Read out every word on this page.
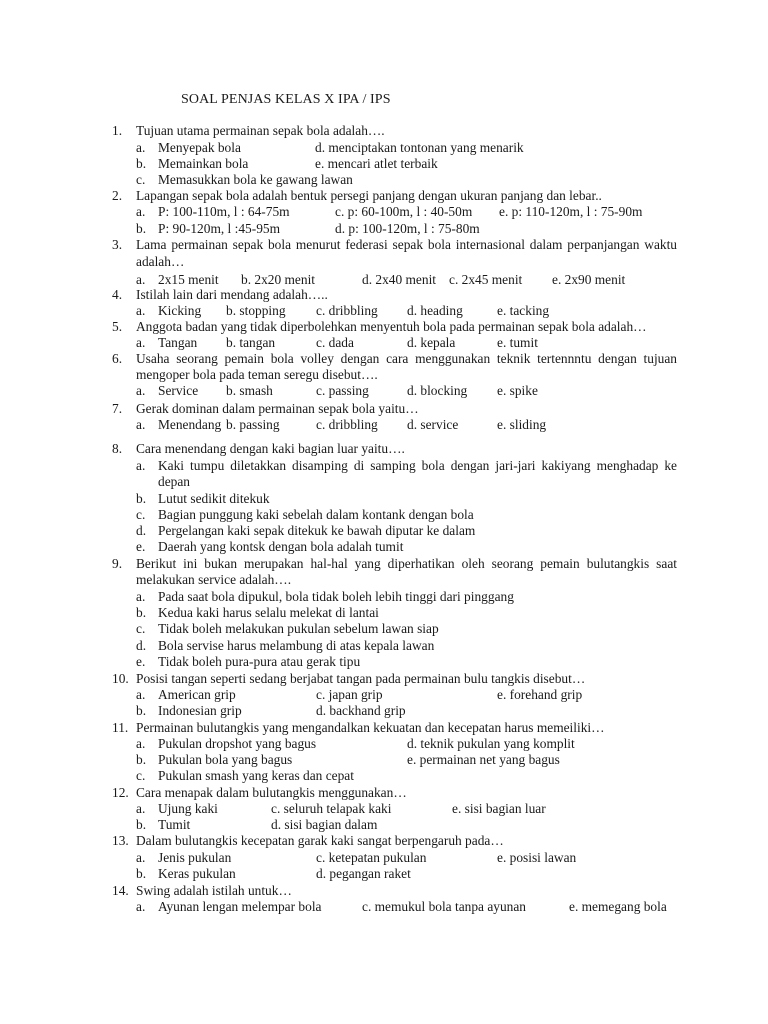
SOAL PENJAS KELAS X IPA / IPS
1. Tujuan utama permainan sepak bola adalah….
a. Menyepak bola	d. menciptakan tontonan yang menarik
b. Memainkan bola	e. mencari atlet terbaik
c. Memasukkan bola ke gawang lawan
2. Lapangan sepak bola adalah bentuk persegi panjang dengan ukuran panjang dan lebar..
a. P: 100-110m, l : 64-75m	c. p: 60-100m, l : 40-50m e. p: 110-120m, l : 75-90m
b. P: 90-120m, l :45-95m	d. p: 100-120m, l : 75-80m
3. Lama permainan sepak bola menurut federasi sepak bola internasional dalam perpanjangan waktu
adalah…
a. 2x15 menit b. 2x20 menit	d. 2x40 menit c. 2x45 menit e. 2x90 menit
4. Istilah lain dari mendang adalah…..
a. Kicking b. stopping c. dribbling d. heading	e. tacking
5. Anggota badan yang tidak diperbolehkan menyentuh bola pada permainan sepak bola adalah…
a. Tangan b. tangan	c. dada	d. kepala	e. tumit
6. Usaha seorang pemain bola volley dengan cara menggunakan teknik tertennntu dengan tujuan
mengoper bola pada teman seregu disebut….
a. Service b. smash	c. passing	d. blocking e. spike
7. Gerak dominan dalam permainan sepak bola yaitu…
a. Menendang b. passing	c. dribbling d. service	e. sliding
8. Cara menendang dengan kaki bagian luar yaitu….
a. Kaki tumpu diletakkan disamping di samping bola dengan jari-jari kakiyang menghadap ke
depan
b. Lutut sedikit ditekuk
c. Bagian punggung kaki sebelah dalam kontank dengan bola
d. Pergelangan kaki sepak ditekuk ke bawah diputar ke dalam
e. Daerah yang kontsk dengan bola adalah tumit
9. Berikut ini bukan merupakan hal-hal yang diperhatikan oleh seorang pemain bulutangkis saat
melakukan service adalah….
a. Pada saat bola dipukul, bola tidak boleh lebih tinggi dari pinggang
b. Kedua kaki harus selalu melekat di lantai
c. Tidak boleh melakukan pukulan sebelum lawan siap
d. Bola servise harus melambung di atas kepala lawan
e. Tidak boleh pura-pura atau gerak tipu
10. Posisi tangan seperti sedang berjabat tangan pada permainan bulu tangkis disebut…
a. American grip	c. japan grip	e. forehand grip
b. Indonesian grip	d. backhand grip
11. Permainan bulutangkis yang mengandalkan kekuatan dan kecepatan harus memeiliki…
a. Pukulan dropshot yang bagus	d. teknik pukulan yang komplit
b. Pukulan bola yang bagus	e. permainan net yang bagus
c. Pukulan smash yang keras dan cepat
12. Cara menapak dalam bulutangkis menggunakan…
a. Ujung kaki	c. seluruh telapak kaki	e. sisi bagian luar
b. Tumit	d. sisi bagian dalam
13. Dalam bulutangkis kecepatan garak kaki sangat berpengaruh pada…
a. Jenis pukulan	c. ketepatan pukulan	e. posisi lawan
b. Keras pukulan	d. pegangan raket
14. Swing adalah istilah untuk…
a. Ayunan lengan melempar bola	c. memukul bola tanpa ayunan	e. memegang bola
